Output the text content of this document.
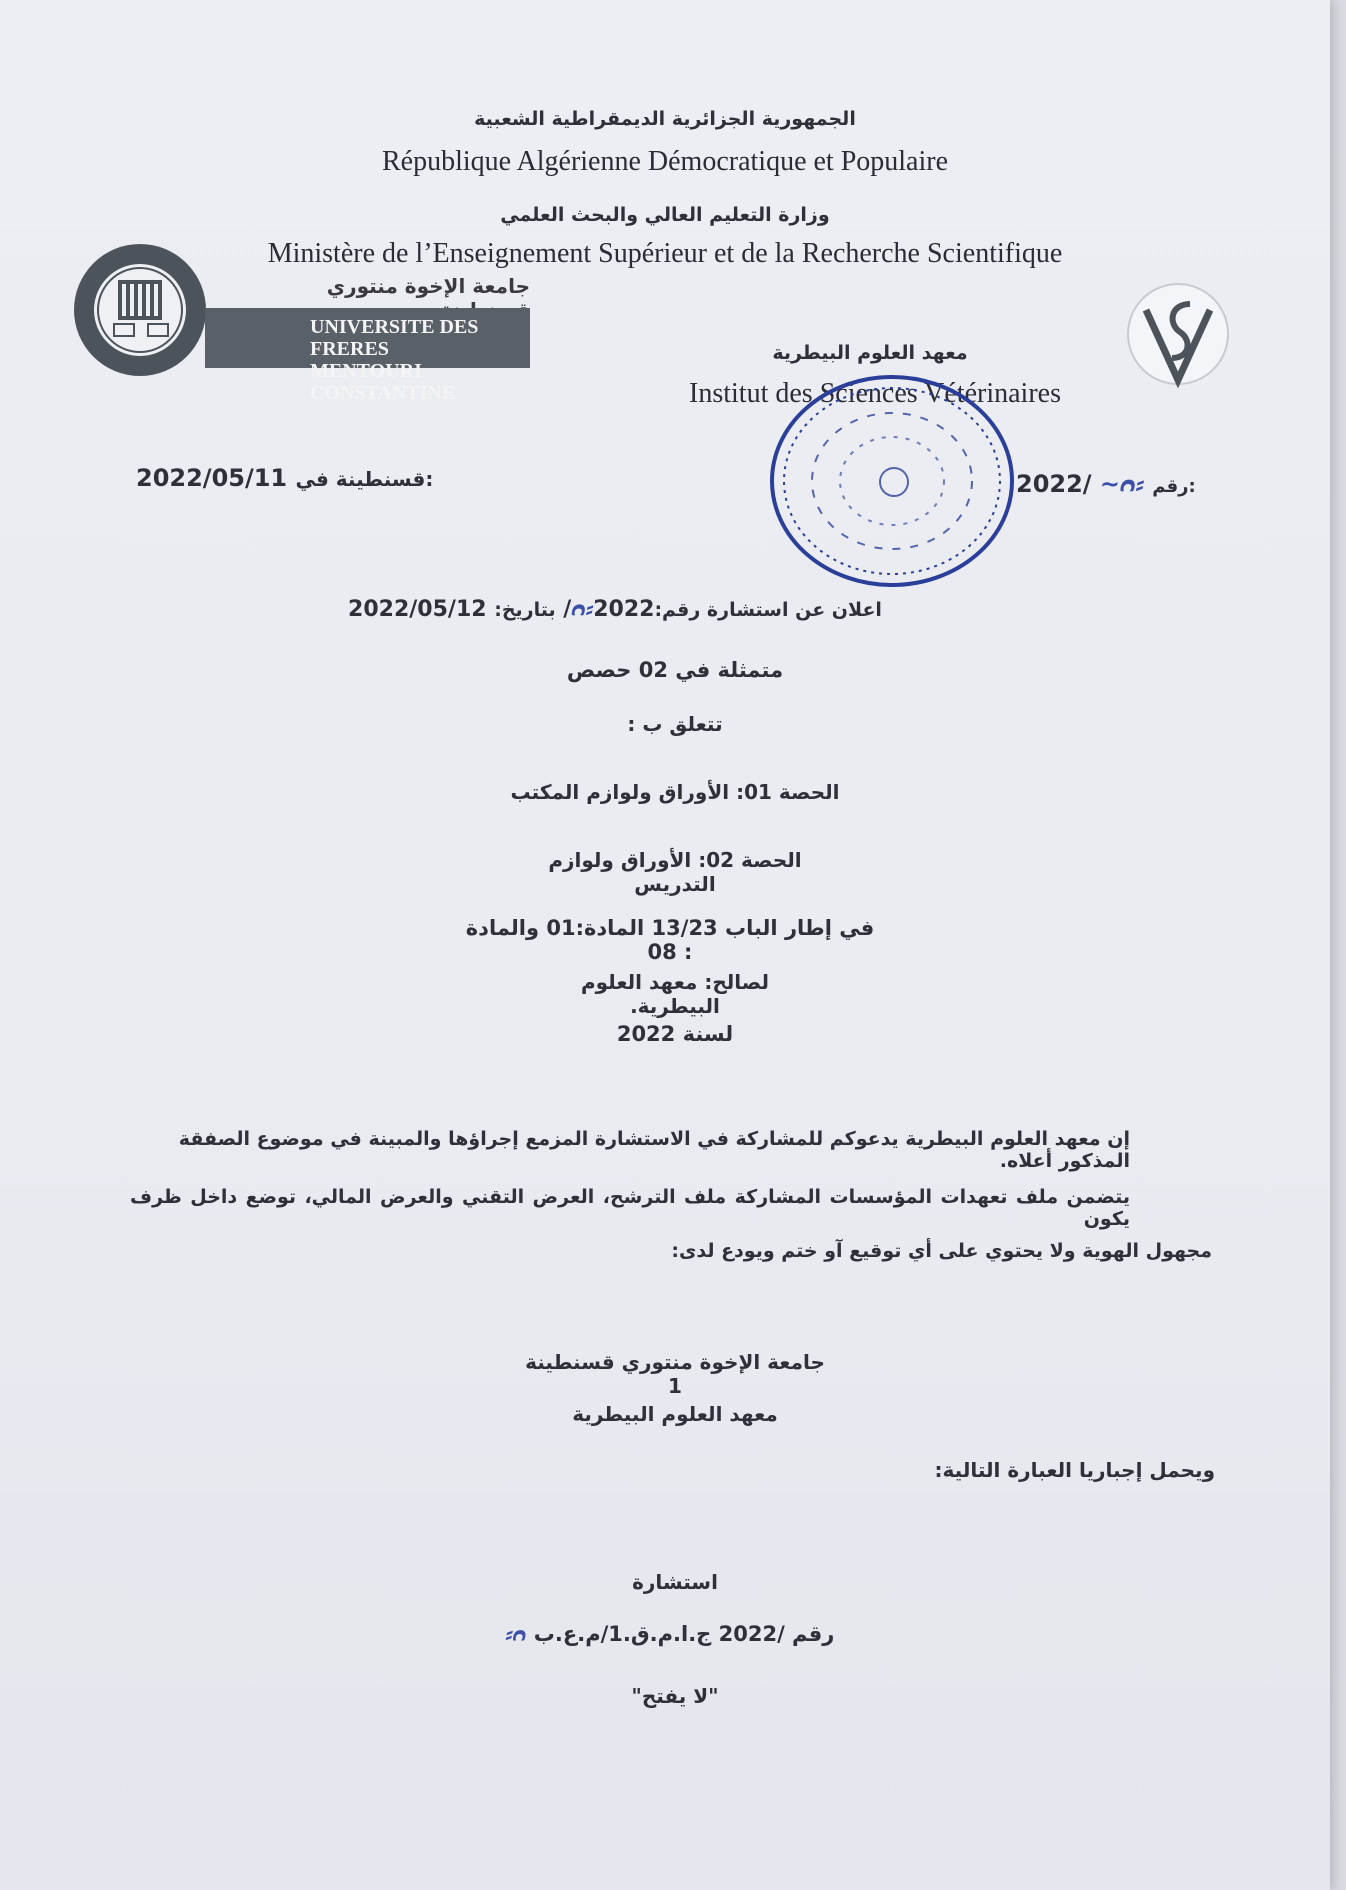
الجمهورية الجزائرية الديمقراطية الشعبية
République Algérienne Démocratique et Populaire
وزارة التعليم العالي والبحث العلمي
Ministère de l’Enseignement Supérieur et de la Recherche Scientifique
جامعة الإخوة منتوري
UNIVERSITE DES FRERES
MENTOURI CONSTANTINE
معهد العلوم البيطرية
Institut des Sciences Vétérinaires
2022/05/11 قسنطينة في:	2022/ ~ᴒ⸗ رقم:
اعلان عن استشارة رقم:ᴒ⸗2022/ بتاريخ: 2022/05/12
متمثلة في 02 حصص
تتعلق ب :
الحصة 01: الأوراق ولوازم المكتب
الحصة 02: الأوراق ولوازم التدريس
في إطار الباب 13/23 المادة:01 والمادة : 08
لصالح: معهد العلوم البيطرية.
لسنة 2022
إن معهد العلوم البيطرية يدعوكم للمشاركة في الاستشارة المزمع إجراؤها والمبينة في موضوع الصفقة المذكور أعلاه.
يتضمن ملف تعهدات المؤسسات المشاركة ملف الترشح، العرض التقني والعرض المالي، توضع داخل ظرف يكون
مجهول الهوية ولا يحتوي على أي توقيع آو ختم ويودع لدى:
جامعة الإخوة منتوري قسنطينة 1
معهد العلوم البيطرية
ويحمل إجباريا العبارة التالية:
استشارة
رقم /2022 ج.ا.م.ق.1/م.ع.ب ᴒ⸗
"لا يفتح"
